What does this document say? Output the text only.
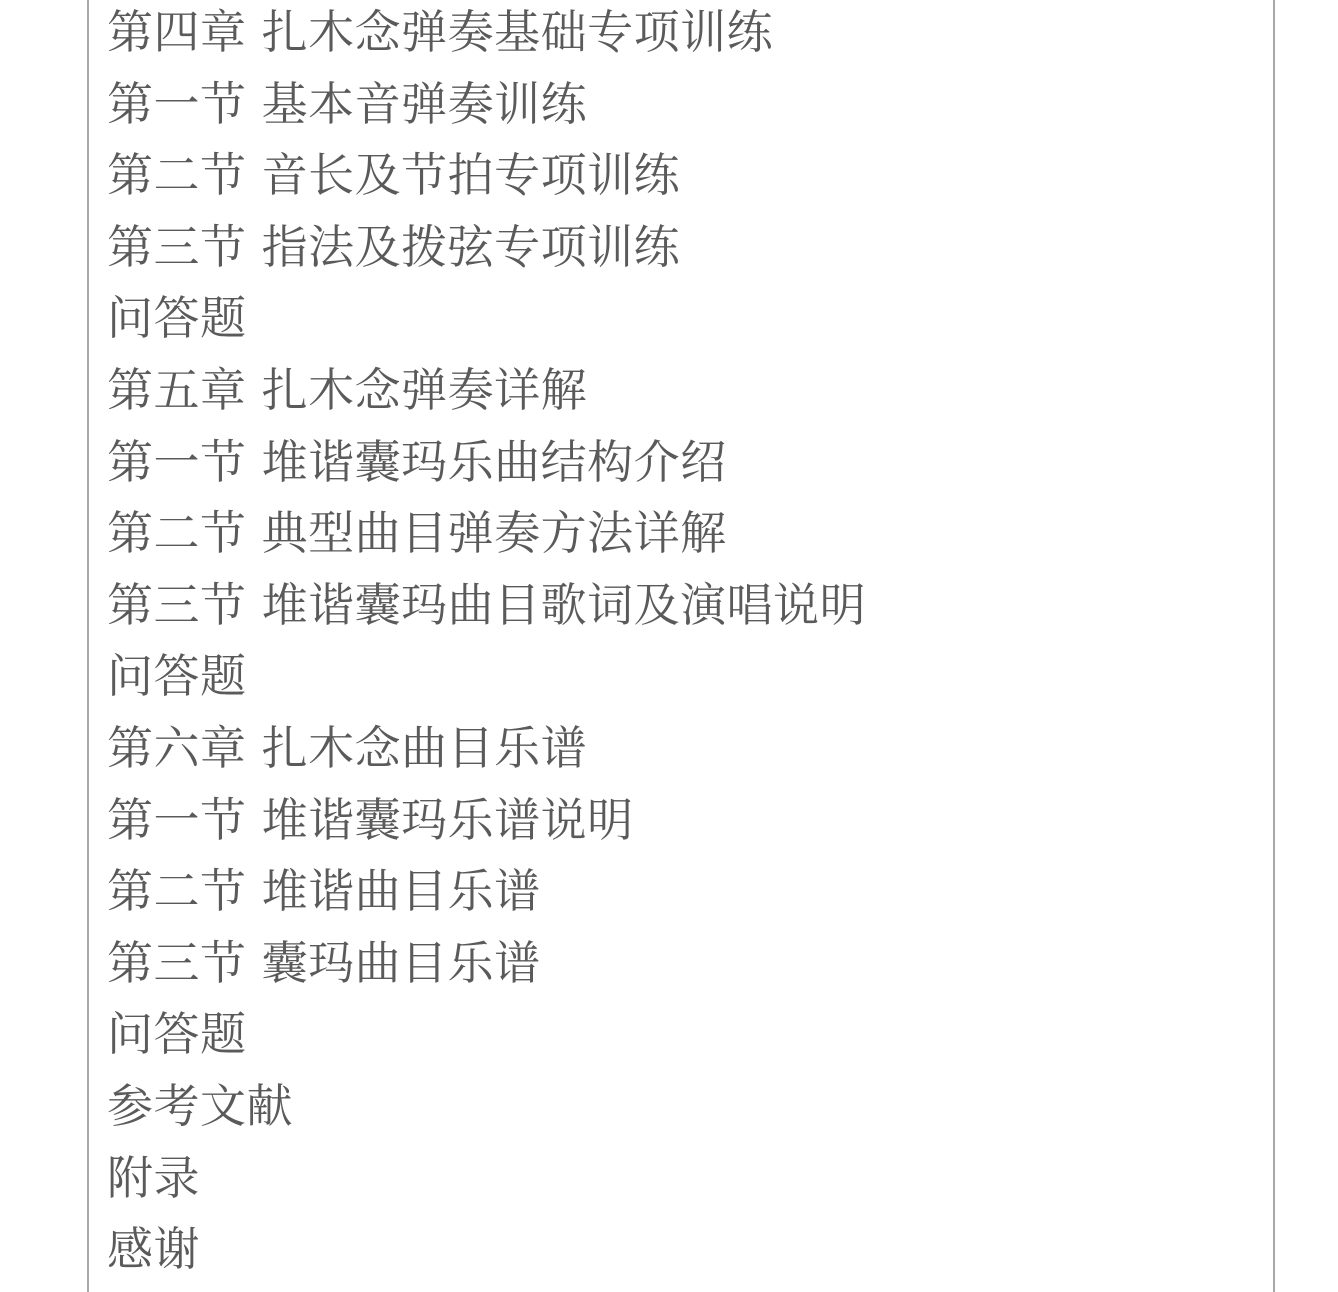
第四章 扎木念弹奏基础专项训练
第一节 基本音弹奏训练
第二节 音长及节拍专项训练
第三节 指法及拨弦专项训练
问答题
第五章 扎木念弹奏详解
第一节 堆谐囊玛乐曲结构介绍
第二节 典型曲目弹奏方法详解
第三节 堆谐囊玛曲目歌词及演唱说明
问答题
第六章 扎木念曲目乐谱
第一节 堆谐囊玛乐谱说明
第二节 堆谐曲目乐谱
第三节 囊玛曲目乐谱
问答题
参考文献
附录
感谢
